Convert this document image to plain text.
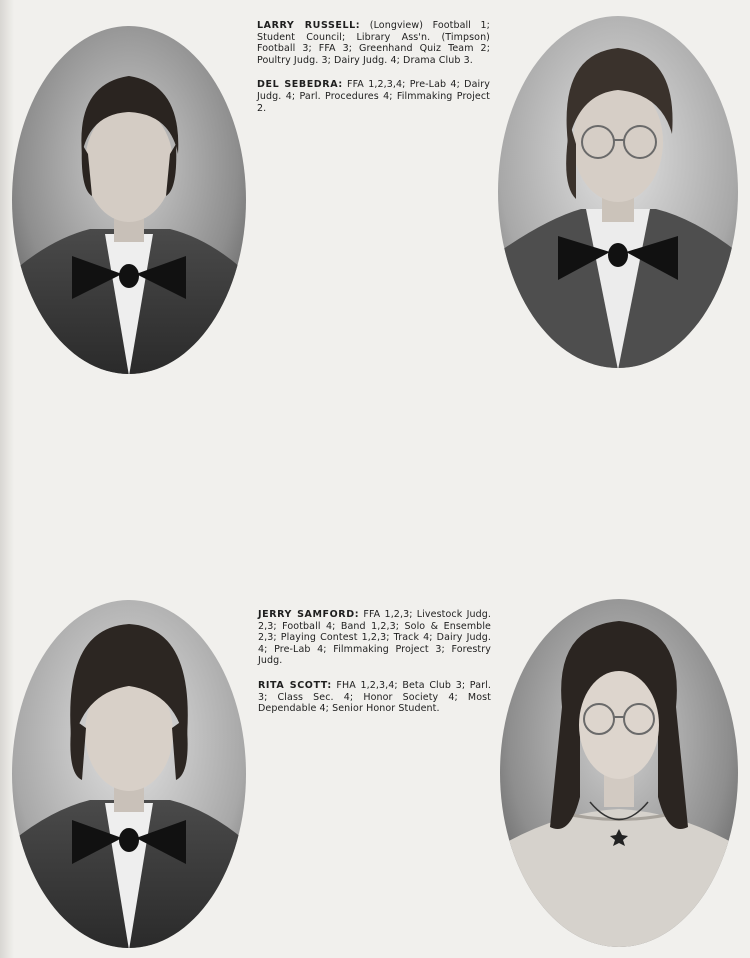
LARRY RUSSELL: (Longview) Football 1; Student Council; Library Ass'n. (Timpson) Football 3; FFA 3; Greenhand Quiz Team 2; Poultry Judg. 3; Dairy Judg. 4; Drama Club 3.

DEL SEBEDRA: FFA 1,2,3,4; Pre-Lab 4; Dairy Judg. 4; Parl. Procedures 4; Filmmaking Project 2.

JERRY SAMFORD: FFA 1,2,3; Livestock Judg. 2,3; Football 4; Band 1,2,3; Solo & Ensemble 2,3; Playing Contest 1,2,3; Track 4; Dairy Judg. 4; Pre-Lab 4; Filmmaking Project 3; Forestry Judg.

RITA SCOTT: FHA 1,2,3,4; Beta Club 3; Parl. 3; Class Sec. 4; Honor Society 4; Most Dependable 4; Senior Honor Student.
